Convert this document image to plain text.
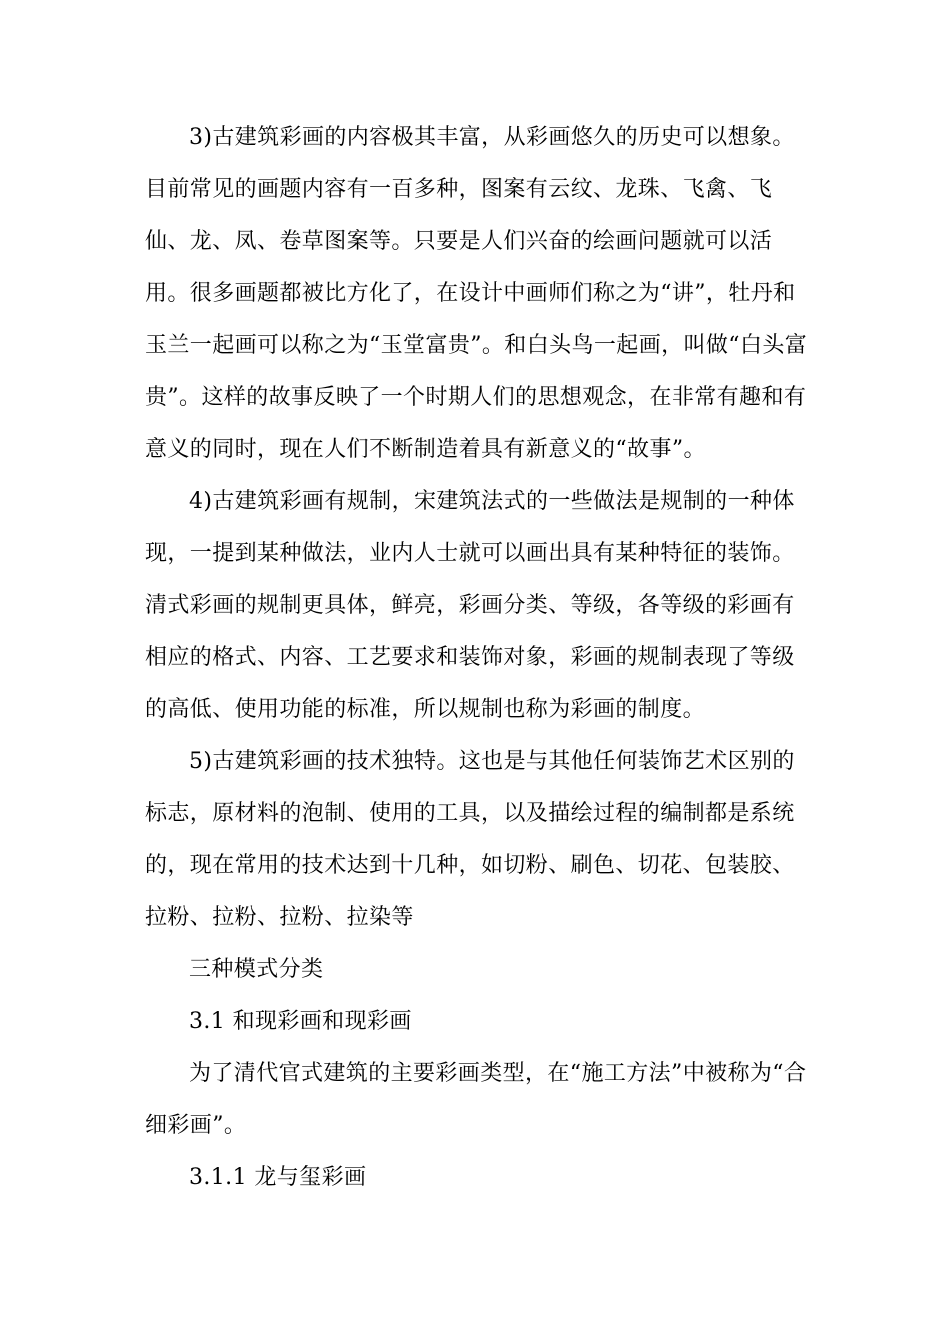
3)古建筑彩画的内容极其丰富，从彩画悠久的历史可以想象。
目前常见的画题内容有一百多种，图案有云纹、龙珠、飞禽、飞
仙、龙、凤、卷草图案等。只要是人们兴奋的绘画问题就可以活
用。很多画题都被比方化了，在设计中画师们称之为“讲”，牡丹和
玉兰一起画可以称之为“玉堂富贵”。和白头鸟一起画，叫做“白头富
贵”。这样的故事反映了一个时期人们的思想观念，在非常有趣和有
意义的同时，现在人们不断制造着具有新意义的“故事”。
4)古建筑彩画有规制，宋建筑法式的一些做法是规制的一种体
现，一提到某种做法，业内人士就可以画出具有某种特征的装饰。
清式彩画的规制更具体，鲜亮，彩画分类、等级，各等级的彩画有
相应的格式、内容、工艺要求和装饰对象，彩画的规制表现了等级
的高低、使用功能的标准，所以规制也称为彩画的制度。
5)古建筑彩画的技术独特。这也是与其他任何装饰艺术区别的
标志，原材料的泡制、使用的工具，以及描绘过程的编制都是系统
的，现在常用的技术达到十几种，如切粉、刷色、切花、包装胶、
拉粉、拉粉、拉粉、拉染等
三种模式分类
3.1 和现彩画和现彩画
为了清代官式建筑的主要彩画类型，在“施工方法”中被称为“合
细彩画”。
3.1.1 龙与玺彩画
